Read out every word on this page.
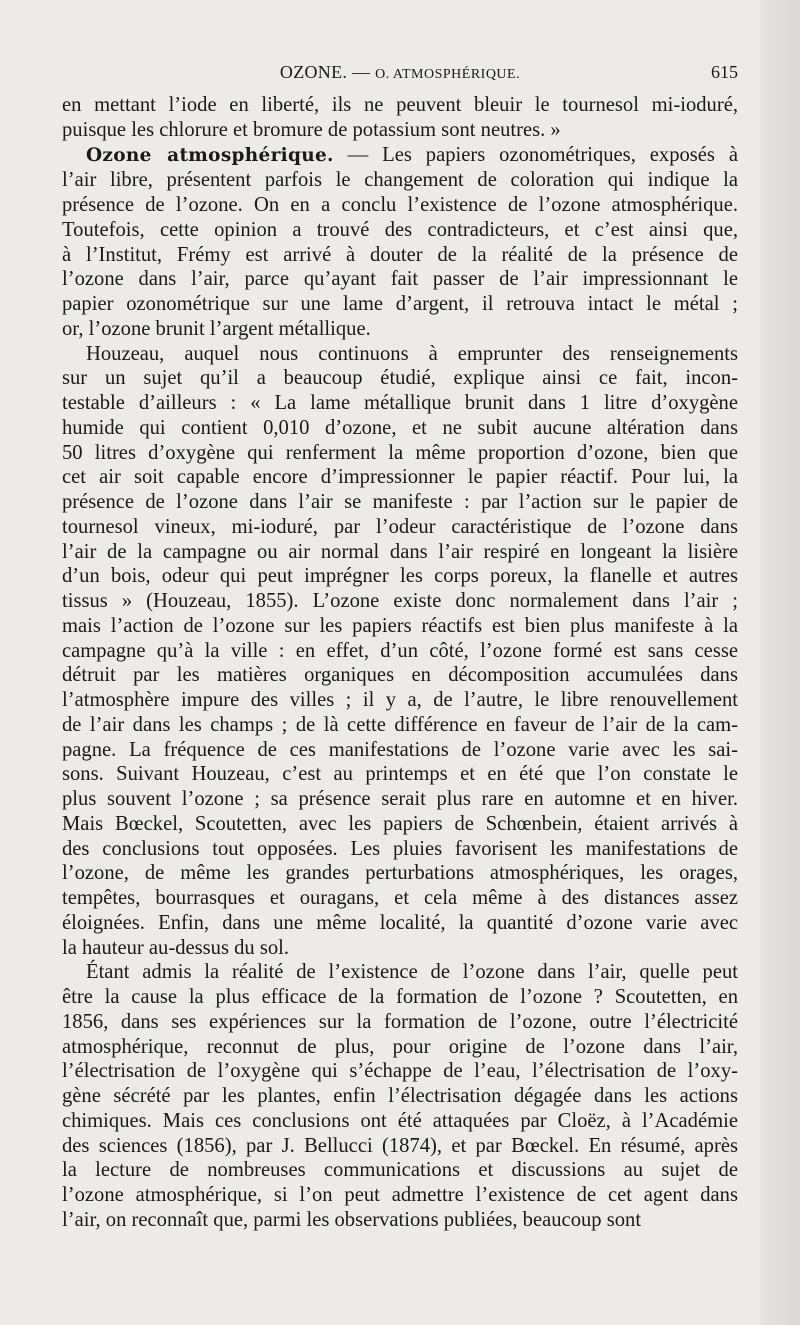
OZONE. — O. ATMOSPHÉRIQUE.	615

en mettant l’iode en liberté, ils ne peuvent bleuir le tournesol mi-ioduré,
puisque les chlorure et bromure de potassium sont neutres. »

Ozone atmosphérique. — Les papiers ozonométriques, exposés à
l’air libre, présentent parfois le changement de coloration qui indique la
présence de l’ozone. On en a conclu l’existence de l’ozone atmosphérique.
Toutefois, cette opinion a trouvé des contradicteurs, et c’est ainsi que,
à l’Institut, Frémy est arrivé à douter de la réalité de la présence de
l’ozone dans l’air, parce qu’ayant fait passer de l’air impressionnant le
papier ozonométrique sur une lame d’argent, il retrouva intact le métal ;
or, l’ozone brunit l’argent métallique.

Houzeau, auquel nous continuons à emprunter des renseignements
sur un sujet qu’il a beaucoup étudié, explique ainsi ce fait, incon-
testable d’ailleurs : « La lame métallique brunit dans 1 litre d’oxygène
humide qui contient 0,010 d’ozone, et ne subit aucune altération dans
50 litres d’oxygène qui renferment la même proportion d’ozone, bien que
cet air soit capable encore d’impressionner le papier réactif. Pour lui, la
présence de l’ozone dans l’air se manifeste : par l’action sur le papier de
tournesol vineux, mi-ioduré, par l’odeur caractéristique de l’ozone dans
l’air de la campagne ou air normal dans l’air respiré en longeant la lisière
d’un bois, odeur qui peut imprégner les corps poreux, la flanelle et autres
tissus » (Houzeau, 1855). L’ozone existe donc normalement dans l’air ;
mais l’action de l’ozone sur les papiers réactifs est bien plus manifeste à la
campagne qu’à la ville : en effet, d’un côté, l’ozone formé est sans cesse
détruit par les matières organiques en décomposition accumulées dans
l’atmosphère impure des villes ; il y a, de l’autre, le libre renouvellement
de l’air dans les champs ; de là cette différence en faveur de l’air de la cam-
pagne. La fréquence de ces manifestations de l’ozone varie avec les sai-
sons. Suivant Houzeau, c’est au printemps et en été que l’on constate le
plus souvent l’ozone ; sa présence serait plus rare en automne et en hiver.
Mais Bœckel, Scoutetten, avec les papiers de Schœnbein, étaient arrivés à
des conclusions tout opposées. Les pluies favorisent les manifestations de
l’ozone, de même les grandes perturbations atmosphériques, les orages,
tempêtes, bourrasques et ouragans, et cela même à des distances assez
éloignées. Enfin, dans une même localité, la quantité d’ozone varie avec
la hauteur au-dessus du sol.

Étant admis la réalité de l’existence de l’ozone dans l’air, quelle peut
être la cause la plus efficace de la formation de l’ozone ? Scoutetten, en
1856, dans ses expériences sur la formation de l’ozone, outre l’électricité
atmosphérique, reconnut de plus, pour origine de l’ozone dans l’air,
l’électrisation de l’oxygène qui s’échappe de l’eau, l’électrisation de l’oxy-
gène sécrété par les plantes, enfin l’électrisation dégagée dans les actions
chimiques. Mais ces conclusions ont été attaquées par Cloëz, à l’Académie
des sciences (1856), par J. Bellucci (1874), et par Bœckel. En résumé, après
la lecture de nombreuses communications et discussions au sujet de
l’ozone atmosphérique, si l’on peut admettre l’existence de cet agent dans
l’air, on reconnaît que, parmi les observations publiées, beaucoup sont
